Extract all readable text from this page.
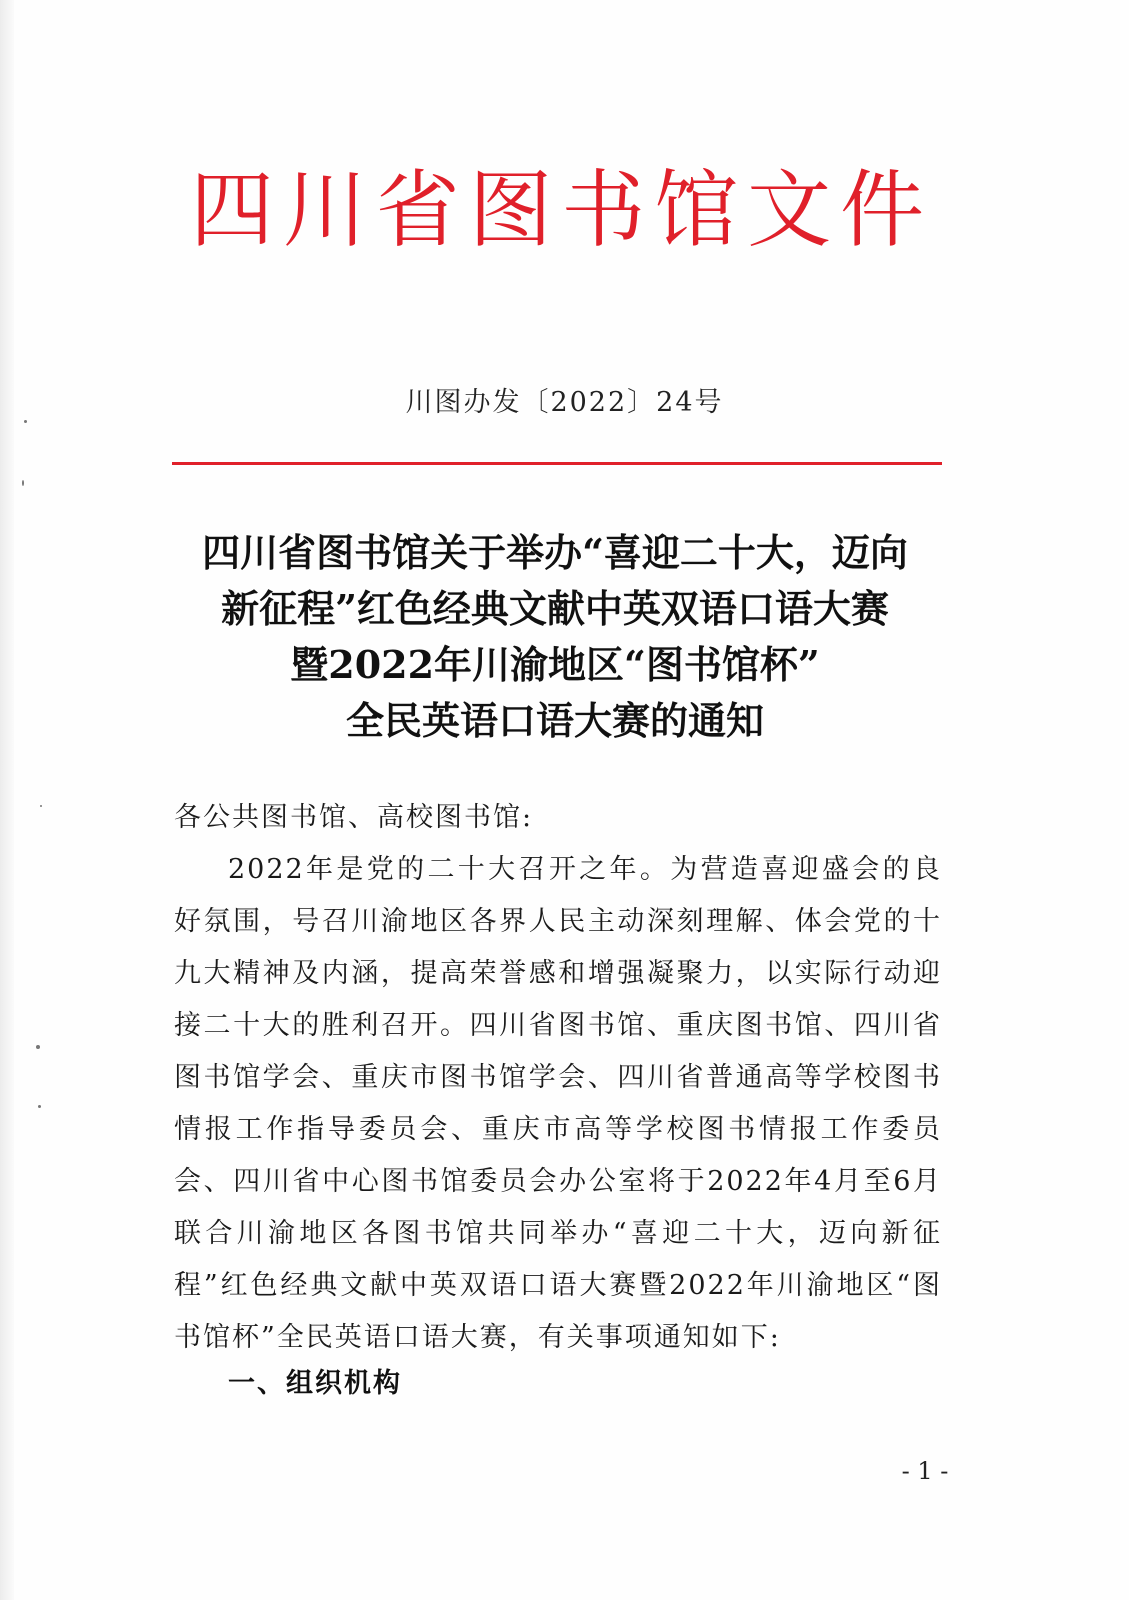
四川省图书馆文件
川图办发〔2022〕24号
四川省图书馆关于举办“喜迎二十大，迈向
新征程”红色经典文献中英双语口语大赛
暨2022年川渝地区“图书馆杯”
全民英语口语大赛的通知
各公共图书馆、高校图书馆:
2022年是党的二十大召开之年。为营造喜迎盛会的良好氛围，号召川渝地区各界人民主动深刻理解、体会党的十九大精神及内涵，提高荣誉感和增强凝聚力，以实际行动迎接二十大的胜利召开。四川省图书馆、重庆图书馆、四川省图书馆学会、重庆市图书馆学会、四川省普通高等学校图书情报工作指导委员会、重庆市高等学校图书情报工作委员会、四川省中心图书馆委员会办公室将于2022年4月至6月联合川渝地区各图书馆共同举办“喜迎二十大，迈向新征程”红色经典文献中英双语口语大赛暨2022年川渝地区“图书馆杯”全民英语口语大赛，有关事项通知如下:
一、组织机构
- 1 -
